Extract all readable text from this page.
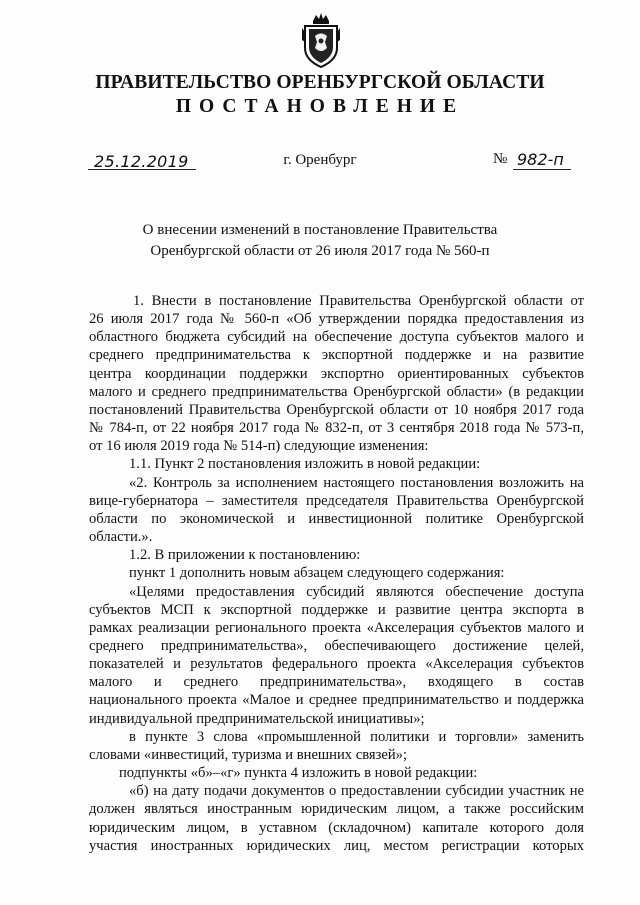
ПРАВИТЕЛЬСТВО ОРЕНБУРГСКОЙ ОБЛАСТИ
ПОСТАНОВЛЕНИЕ
25.12.2019	г. Оренбург	№ 982-п
О внесении изменений в постановление Правительства
Оренбургской области от 26 июля 2017 года № 560-п
1. Внести в постановление Правительства Оренбургской области от
26 июля 2017 года № 560-п «Об утверждении порядка предоставления из
областного бюджета субсидий на обеспечение доступа субъектов малого и
среднего предпринимательства к экспортной поддержке и на развитие
центра координации поддержки экспортно ориентированных субъектов
малого и среднего предпринимательства Оренбургской области» (в редакции
постановлений Правительства Оренбургской области от 10 ноября 2017 года
№ 784-п, от 22 ноября 2017 года № 832-п, от 3 сентября 2018 года № 573-п,
от 16 июля 2019 года № 514-п) следующие изменения:
1.1. Пункт 2 постановления изложить в новой редакции:
«2. Контроль за исполнением настоящего постановления возложить на
вице-губернатора – заместителя председателя Правительства Оренбургской
области по экономической и инвестиционной политике Оренбургской
области.».
1.2. В приложении к постановлению:
пункт 1 дополнить новым абзацем следующего содержания:
«Целями предоставления субсидий являются обеспечение доступа
субъектов МСП к экспортной поддержке и развитие центра экспорта в
рамках реализации регионального проекта «Акселерация субъектов малого и
среднего предпринимательства», обеспечивающего достижение целей,
показателей и результатов федерального проекта «Акселерация субъектов
малого и среднего предпринимательства», входящего в состав
национального проекта «Малое и среднее предпринимательство и поддержка
индивидуальной предпринимательской инициативы»;
в пункте 3 слова «промышленной политики и торговли» заменить
словами «инвестиций, туризма и внешних связей»;
подпункты «б»–«г» пункта 4 изложить в новой редакции:
«б) на дату подачи документов о предоставлении субсидии участник не
должен являться иностранным юридическим лицом, а также российским
юридическим лицом, в уставном (складочном) капитале которого доля
участия иностранных юридических лиц, местом регистрации которых
